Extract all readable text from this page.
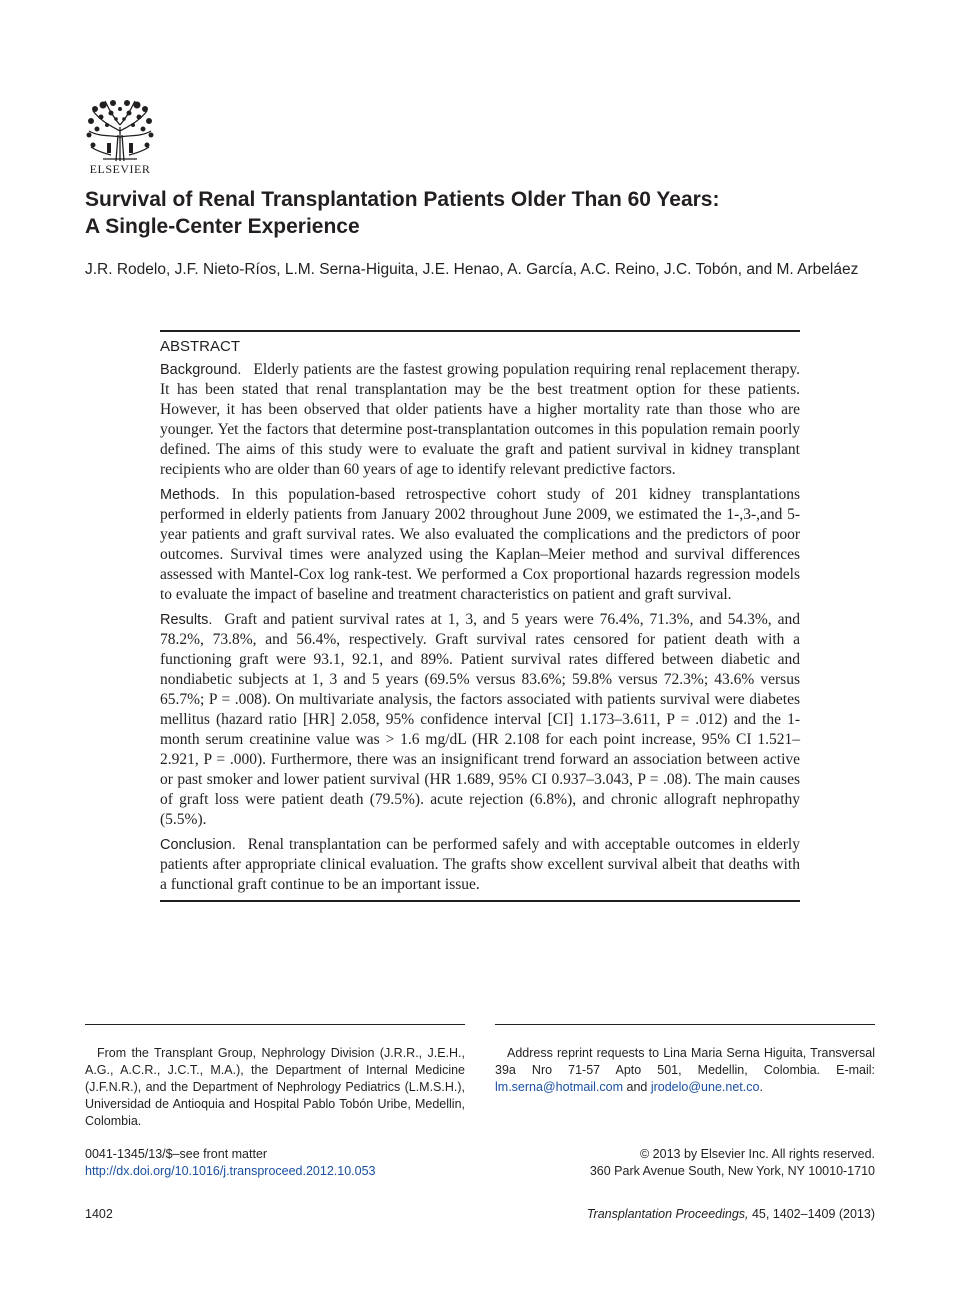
ELSEVIER
Survival of Renal Transplantation Patients Older Than 60 Years:
A Single-Center Experience

J.R. Rodelo, J.F. Nieto-Ríos, L.M. Serna-Higuita, J.E. Henao, A. García, A.C. Reino, J.C. Tobón, and M. Arbeláez

ABSTRACT

Background. Elderly patients are the fastest growing population requiring renal replacement therapy. It has been stated that renal transplantation may be the best treatment option for these patients. However, it has been observed that older patients have a higher mortality rate than those who are younger. Yet the factors that determine post-transplantation outcomes in this population remain poorly defined. The aims of this study were to evaluate the graft and patient survival in kidney transplant recipients who are older than 60 years of age to identify relevant predictive factors.

Methods. In this population-based retrospective cohort study of 201 kidney transplantations performed in elderly patients from January 2002 throughout June 2009, we estimated the 1-,3-,and 5-year patients and graft survival rates. We also evaluated the complications and the predictors of poor outcomes. Survival times were analyzed using the Kaplan–Meier method and survival differences assessed with Mantel-Cox log rank-test. We performed a Cox proportional hazards regression models to evaluate the impact of baseline and treatment characteristics on patient and graft survival.

Results. Graft and patient survival rates at 1, 3, and 5 years were 76.4%, 71.3%, and 54.3%, and 78.2%, 73.8%, and 56.4%, respectively. Graft survival rates censored for patient death with a functioning graft were 93.1, 92.1, and 89%. Patient survival rates differed between diabetic and nondiabetic subjects at 1, 3 and 5 years (69.5% versus 83.6%; 59.8% versus 72.3%; 43.6% versus 65.7%; P = .008). On multivariate analysis, the factors associated with patients survival were diabetes mellitus (hazard ratio [HR] 2.058, 95% confidence interval [CI] 1.173–3.611, P = .012) and the 1-month serum creatinine value was > 1.6 mg/dL (HR 2.108 for each point increase, 95% CI 1.521–2.921, P = .000). Furthermore, there was an insignificant trend forward an association between active or past smoker and lower patient survival (HR 1.689, 95% CI 0.937–3.043, P = .08). The main causes of graft loss were patient death (79.5%). acute rejection (6.8%), and chronic allograft nephropathy (5.5%).

Conclusion. Renal transplantation can be performed safely and with acceptable outcomes in elderly patients after appropriate clinical evaluation. The grafts show excellent survival albeit that deaths with a functional graft continue to be an important issue.

From the Transplant Group, Nephrology Division (J.R.R., J.E.H., A.G., A.C.R., J.C.T., M.A.), the Department of Internal Medicine (J.F.N.R.), and the Department of Nephrology Pediatrics (L.M.S.H.), Universidad de Antioquia and Hospital Pablo Tobón Uribe, Medellin, Colombia.

Address reprint requests to Lina Maria Serna Higuita, Transversal 39a Nro 71-57 Apto 501, Medellin, Colombia. E-mail: lm.serna@hotmail.com and jrodelo@une.net.co.

0041-1345/13/$–see front matter

http://dx.doi.org/10.1016/j.transproceed.2012.10.053

© 2013 by Elsevier Inc. All rights reserved.

360 Park Avenue South, New York, NY 10010-1710

1402	Transplantation Proceedings, 45, 1402–1409 (2013)
